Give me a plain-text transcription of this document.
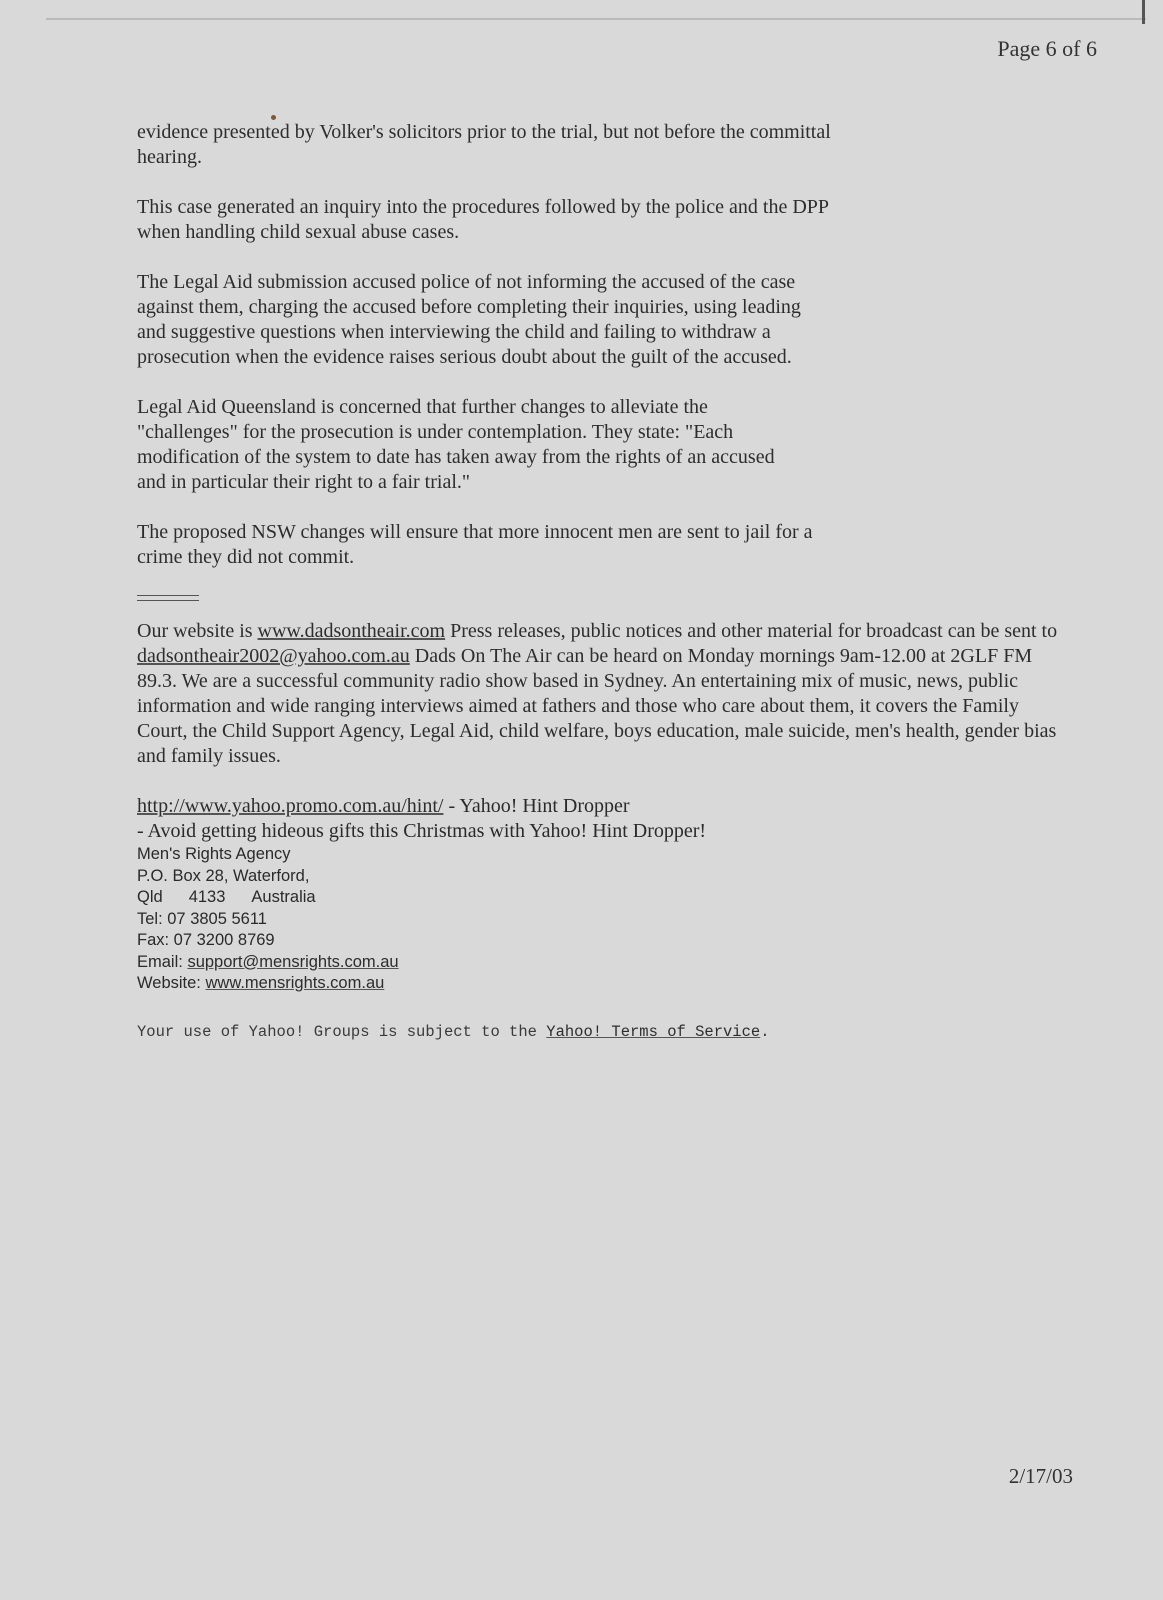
Page 6 of 6

evidence presented by Volker's solicitors prior to the trial, but not before the committal hearing.

This case generated an inquiry into the procedures followed by the police and the DPP when handling child sexual abuse cases.

The Legal Aid submission accused police of not informing the accused of the case against them, charging the accused before completing their inquiries, using leading and suggestive questions when interviewing the child and failing to withdraw a prosecution when the evidence raises serious doubt about the guilt of the accused.

Legal Aid Queensland is concerned that further changes to alleviate the "challenges" for the prosecution is under contemplation. They state: "Each modification of the system to date has taken away from the rights of an accused and in particular their right to a fair trial."

The proposed NSW changes will ensure that more innocent men are sent to jail for a crime they did not commit.

Our website is www.dadsontheair.com Press releases, public notices and other material for broadcast can be sent to dadsontheair2002@yahoo.com.au Dads On The Air can be heard on Monday mornings 9am-12.00 at 2GLF FM 89.3. We are a successful community radio show based in Sydney. An entertaining mix of music, news, public information and wide ranging interviews aimed at fathers and those who care about them, it covers the Family Court, the Child Support Agency, Legal Aid, child welfare, boys education, male suicide, men's health, gender bias and family issues.

http://www.yahoo.promo.com.au/hint/ - Yahoo! Hint Dropper
- Avoid getting hideous gifts this Christmas with Yahoo! Hint Dropper!
Men's Rights Agency
P.O. Box 28, Waterford,
Qld 4133 Australia
Tel: 07 3805 5611
Fax: 07 3200 8769
Email: support@mensrights.com.au
Website: www.mensrights.com.au
Your use of Yahoo! Groups is subject to the Yahoo! Terms of Service.
2/17/03
